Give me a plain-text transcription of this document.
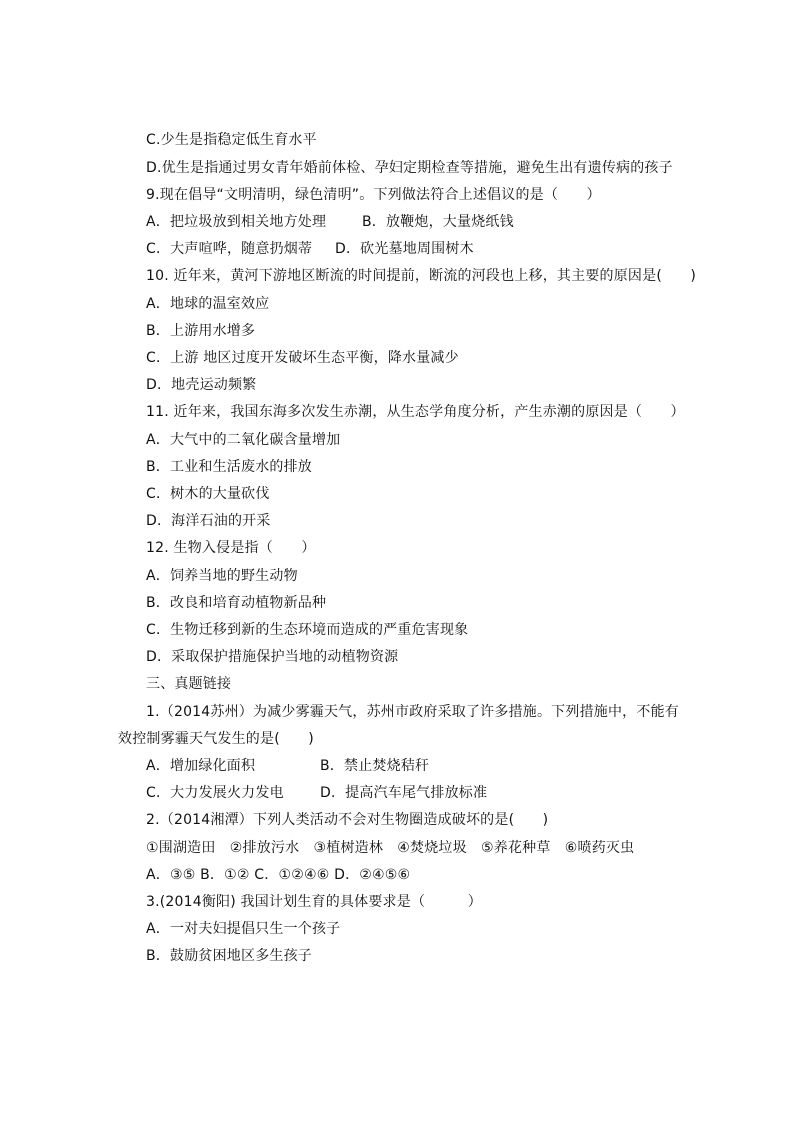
C.少生是指稳定低生育水平
D.优生是指通过男女青年婚前体检、孕妇定期检查等措施，避免生出有遗传病的孩子
9.现在倡导“文明清明，绿色清明”。下列做法符合上述倡议的是（　　）
A．把垃圾放到相关地方处理	B．放鞭炮，大量烧纸钱
C．大声喧哗，随意扔烟蒂 D．砍光墓地周围树木
10. 近年来，黄河下游地区断流的时间提前，断流的河段也上移，其主要的原因是(　　)
A．地球的温室效应
B．上游用水增多
C．上游 地区过度开发破坏生态平衡，降水量减少
D．地壳运动频繁
11. 近年来，我国东海多次发生赤潮，从生态学角度分析，产生赤潮的原因是（　　）
A．大气中的二氧化碳含量增加
B．工业和生活废水的排放
C．树木的大量砍伐
D．海洋石油的开采
12. 生物入侵是指（　　）
A．饲养当地的野生动物
B．改良和培育动植物新品种
C．生物迁移到新的生态环境而造成的严重危害现象
D．采取保护措施保护当地的动植物资源
三、真题链接
1.（2014苏州）为减少雾霾天气，苏州市政府采取了许多措施。下列措施中，不能有
效控制雾霾天气发生的是(　　)
A．增加绿化面积	B．禁止焚烧秸秆
C．大力发展火力发电	D．提高汽车尾气排放标准
2.（2014湘潭）下列人类活动不会对生物圈造成破坏的是(　　)
①围湖造田　②排放污水　③植树造林　④焚烧垃圾　⑤养花种草　⑥喷药灭虫
A．③⑤ B．①② C．①②④⑥ D．②④⑤⑥
3.(2014衡阳) 我国计划生育的具体要求是（　　　）
A．一对夫妇提倡只生一个孩子
B．鼓励贫困地区多生孩子
